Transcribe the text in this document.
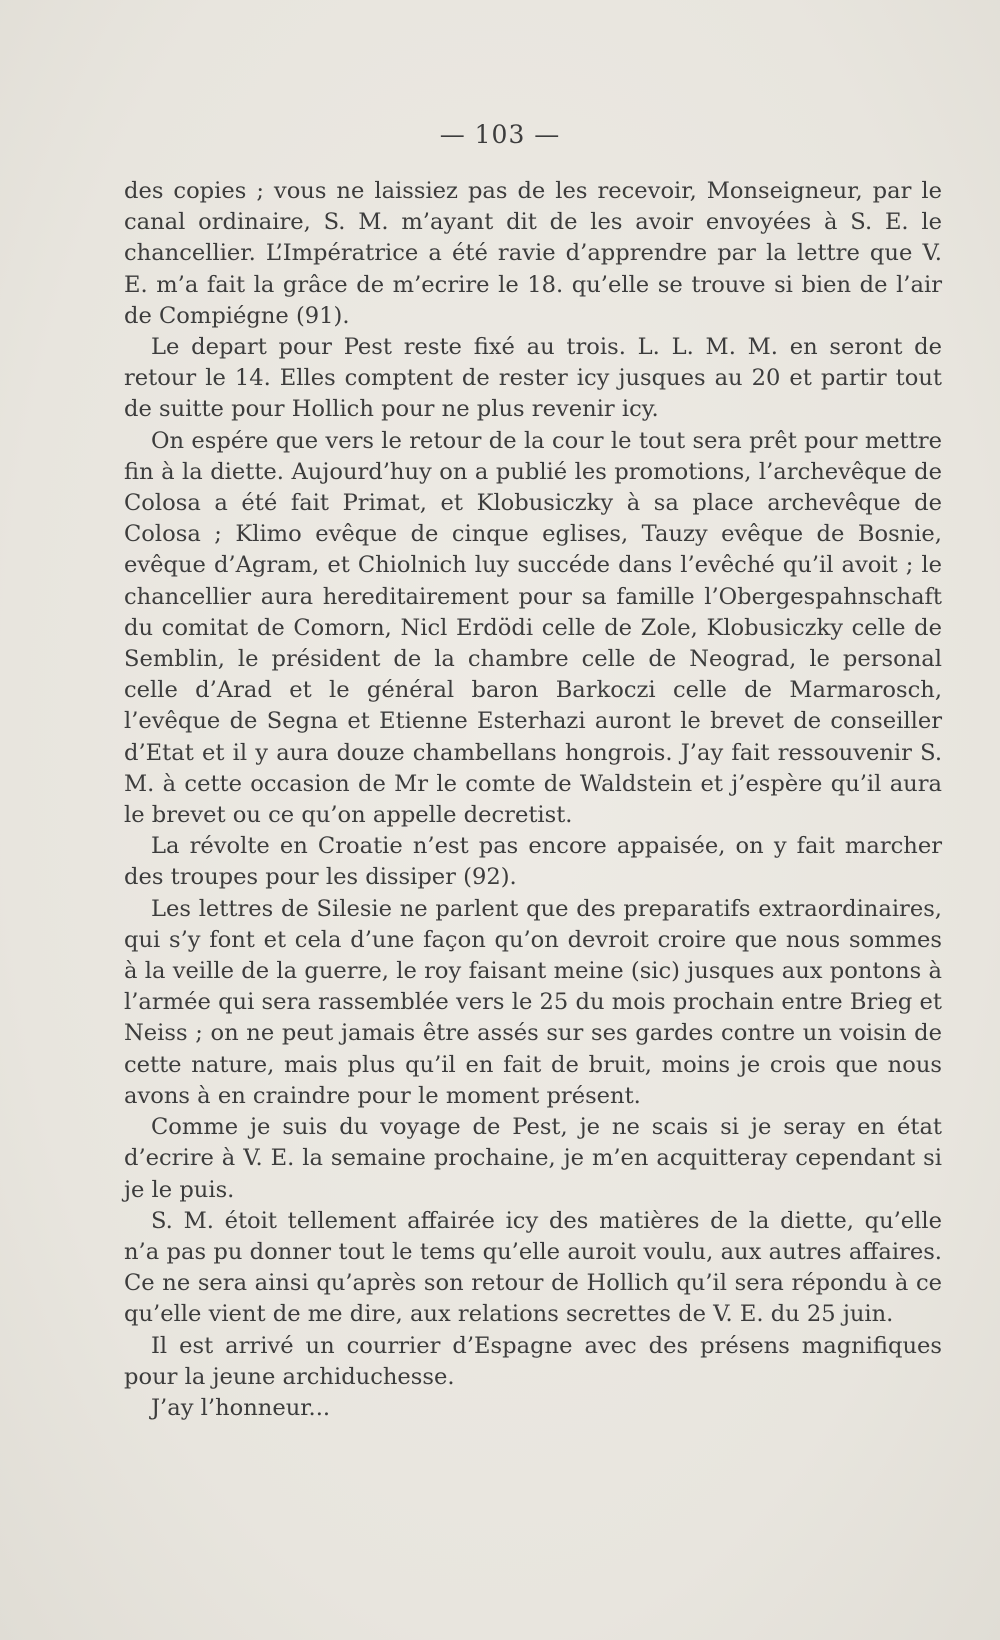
— 103 —

des copies ; vous ne laissiez pas de les recevoir, Monseigneur, par le canal ordinaire, S. M. m’ayant dit de les avoir envoyées à S. E. le chancellier. L’Impératrice a été ravie d’apprendre par la lettre que V. E. m’a fait la grâce de m’ecrire le 18. qu’elle se trouve si bien de l’air de Compiégne (91).

Le depart pour Pest reste fixé au trois. L. L. M. M. en seront de retour le 14. Elles comptent de rester icy jusques au 20 et partir tout de suitte pour Hollich pour ne plus revenir icy.

On espére que vers le retour de la cour le tout sera prêt pour mettre fin à la diette. Aujourd’huy on a publié les promotions, l’archevêque de Colosa a été fait Primat, et Klobusiczky à sa place archevêque de Colosa ; Klimo evêque de cinque eglises, Tauzy evêque de Bosnie, evêque d’Agram, et Chiolnich luy succéde dans l’evêché qu’il avoit ; le chancellier aura hereditairement pour sa famille l’Obergespahnschaft du comitat de Comorn, Nicl Erdödi celle de Zole, Klobusiczky celle de Semblin, le président de la chambre celle de Neograd, le personal celle d’Arad et le général baron Barkoczi celle de Marmarosch, l’evêque de Segna et Etienne Esterhazi auront le brevet de conseiller d’Etat et il y aura douze chambellans hongrois. J’ay fait ressouvenir S. M. à cette occasion de Mr le comte de Waldstein et j’espère qu’il aura le brevet ou ce qu’on appelle decretist.

La révolte en Croatie n’est pas encore appaisée, on y fait marcher des troupes pour les dissiper (92).

Les lettres de Silesie ne parlent que des preparatifs extraordinaires, qui s’y font et cela d’une façon qu’on devroit croire que nous sommes à la veille de la guerre, le roy faisant meine (sic) jusques aux pontons à l’armée qui sera rassemblée vers le 25 du mois prochain entre Brieg et Neiss ; on ne peut jamais être assés sur ses gardes contre un voisin de cette nature, mais plus qu’il en fait de bruit, moins je crois que nous avons à en craindre pour le moment présent.

Comme je suis du voyage de Pest, je ne scais si je seray en état d’ecrire à V. E. la semaine prochaine, je m’en acquitteray cependant si je le puis.

S. M. étoit tellement affairée icy des matières de la diette, qu’elle n’a pas pu donner tout le tems qu’elle auroit voulu, aux autres affaires. Ce ne sera ainsi qu’après son retour de Hollich qu’il sera répondu à ce qu’elle vient de me dire, aux relations secrettes de V. E. du 25 juin.

Il est arrivé un courrier d’Espagne avec des présens magnifiques pour la jeune archiduchesse.

J’ay l’honneur...
